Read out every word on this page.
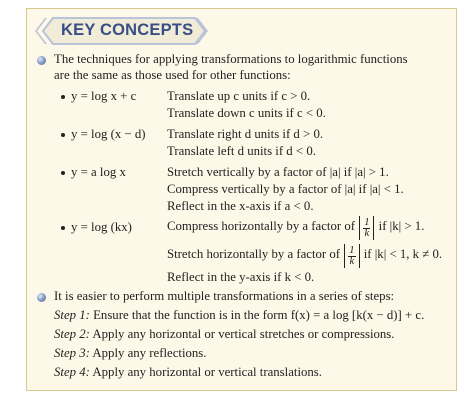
KEY CONCEPTS
The techniques for applying transformations to logarithmic functions
are the same as those used for other functions:
y = log x + c Translate up c units if c > 0.
Translate down c units if c < 0.
y = log (x − d) Translate right d units if d > 0.
Translate left d units if d < 0.
y = a log x	Stretch vertically by a factor of |a| if |a| > 1.
Compress vertically by a factor of |a| if |a| < 1.
Reflect in the x-axis if a < 0.
y = log (kx)	Compress horizontally by a factor of $\frac{1}{k}$ if |k| > 1.
Stretch horizontally by a factor of $\frac{1}{k}$ if |k| < 1, k ≠ 0.
Reflect in the y-axis if k < 0.
It is easier to perform multiple transformations in a series of steps:
Step 1: Ensure that the function is in the form f(x) = a log [k(x − d)] + c.
Step 2: Apply any horizontal or vertical stretches or compressions.
Step 3: Apply any reflections.
Step 4: Apply any horizontal or vertical translations.
